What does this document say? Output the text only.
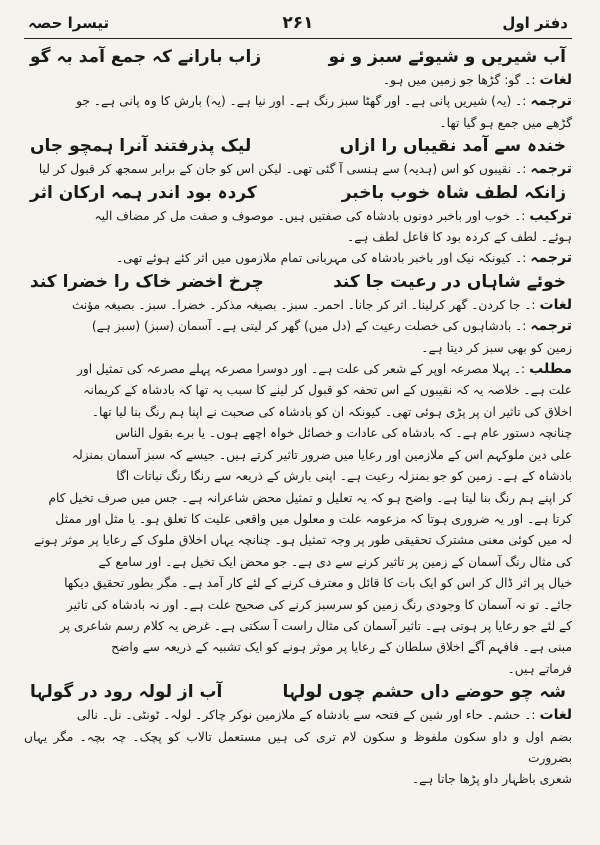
دفتر اول
۲۶۱
تیسرا حصہ
آب شیریں و شیوئے سبز و نو
زاب بارانے کہ جمع آمد بہ گو
لغات:۔ گو: گڑھا جو زمین میں ہو۔
ترجمہ:۔ (یہ) شیریں پانی ہے۔ اور گھٹا سبز رنگ ہے۔ اور نیا ہے۔ (یہ) بارش کا وہ پانی ہے۔ جو
گڑھے میں جمع ہو گیا تھا۔
خندہ سے آمد نقیباں را ازاں
لیک پذرفتند آنرا ہمچو جاں
ترجمہ:۔ نقیبوں کو اس (ہدیہ) سے ہنسی آ گئی تھی۔ لیکن اس کو جان کے برابر سمجھ کر قبول کر لیا
زانکہ لطف شاہ خوب باخبر
کردہ بود اندر ہمہ ارکان اثر
ترکیب:۔ خوب اور باخبر دونوں بادشاہ کی صفتیں ہیں۔ موصوف و صفت مل کر مضاف الیہ
ہوئے۔ لطف کے کردہ بود کا فاعل لطف ہے۔
ترجمہ:۔ کیونکہ نیک اور باخبر بادشاہ کی مہربانی تمام ملازموں میں اثر کئے ہوئے تھی۔
خوئے شاہاں در رعیت جا کند
چرخ اخضر خاک را خضرا کند
لغات:۔ جا کردن۔ گھر کرلینا۔ اثر کر جانا۔ احمر۔ سبز۔ بصیغہ مذکر۔ خضرا۔ سبز۔ بصیغہ مؤنث
ترجمہ:۔ بادشاہوں کی خصلت رعیت کے (دل میں) گھر کر لیتی ہے۔ آسمان (سبز) (سبز ہے)
زمین کو بھی سبز کر دیتا ہے۔
مطلب:۔ پہلا مصرعہ اوپر کے شعر کی علت ہے۔ اور دوسرا مصرعہ پہلے مصرعہ کی تمثیل اور
علت ہے۔ خلاصہ یہ کہ نقیبوں کے اس تحفہ کو قبول کر لینے کا سبب یہ تھا کہ بادشاہ کے کریمانہ
اخلاق کی تاثیر ان پر پڑی ہوئی تھی۔ کیونکہ ان کو بادشاہ کی صحبت نے اپنا ہم رنگ بنا لیا تھا۔
چنانچہ دستور عام ہے۔ کہ بادشاہ کی عادات و خصائل خواہ اچھے ہوں۔ یا برے بقول الناس
علی دین ملوکہم اس کے ملازمین اور رعایا میں ضرور تاثیر کرتے ہیں۔ جیسے کہ سبز آسمان بمنزلہ
بادشاہ کے ہے۔ زمین کو جو بمنزلہ رعیت ہے۔ اپنی بارش کے ذریعہ سے رنگا رنگ نباتات اگا
کر اپنے ہم رنگ بنا لیتا ہے۔ واضح ہو کہ یہ تعلیل و تمثیل محض شاعرانہ ہے۔ جس میں صرف تخیل کام
کرتا ہے۔ اور یہ ضروری ہوتا کہ مزعومہ علت و معلول میں واقعی علیت کا تعلق ہو۔ یا مثل اور ممثل
لہ میں کوئی معنی مشترک تحقیقی طور پر وجہ تمثیل ہو۔ چنانچہ یہاں اخلاق ملوک کے رعایا پر موثر ہونے
کی مثال رنگ آسمان کے زمین پر تاثیر کرنے سے دی ہے۔ جو محض ایک تخیل ہے۔ اور سامع کے
خیال پر اثر ڈال کر اس کو ایک بات کا قائل و معترف کرنے کے لئے کار آمد ہے۔ مگر بطور تحقیق دیکھا
جائے۔ تو نہ آسمان کا وجودی رنگ زمین کو سرسبز کرنے کی صحیح علت ہے۔ اور نہ بادشاہ کی تاثیر
کے لئے جو رعایا پر ہوتی ہے۔ تاثیر آسمان کی مثال راست آ سکتی ہے۔ غرض یہ کلام رسم شاعری پر
مبنی ہے۔ فافہم آگے اخلاق سلطان کے رعایا پر موثر ہونے کو ایک تشبیہ کے ذریعہ سے واضح
فرماتے ہیں۔
شہ چو حوضے داں حشم چوں لولہا
آب از لولہ رود در گولہا
لغات:۔ حشم۔ حاء اور شین کے فتحہ سے بادشاہ کے ملازمین نوکر چاکر۔ لولہ۔ ٹونٹی۔ نل۔ نالی
بضم اول و داو سکون ملفوظ و سکون لام تری کی ہیں مستعمل تالاب کو پچک۔ چہ بچہ۔ مگر یہاں بضرورت
شعری باظہار داو پڑھا جاتا ہے۔
